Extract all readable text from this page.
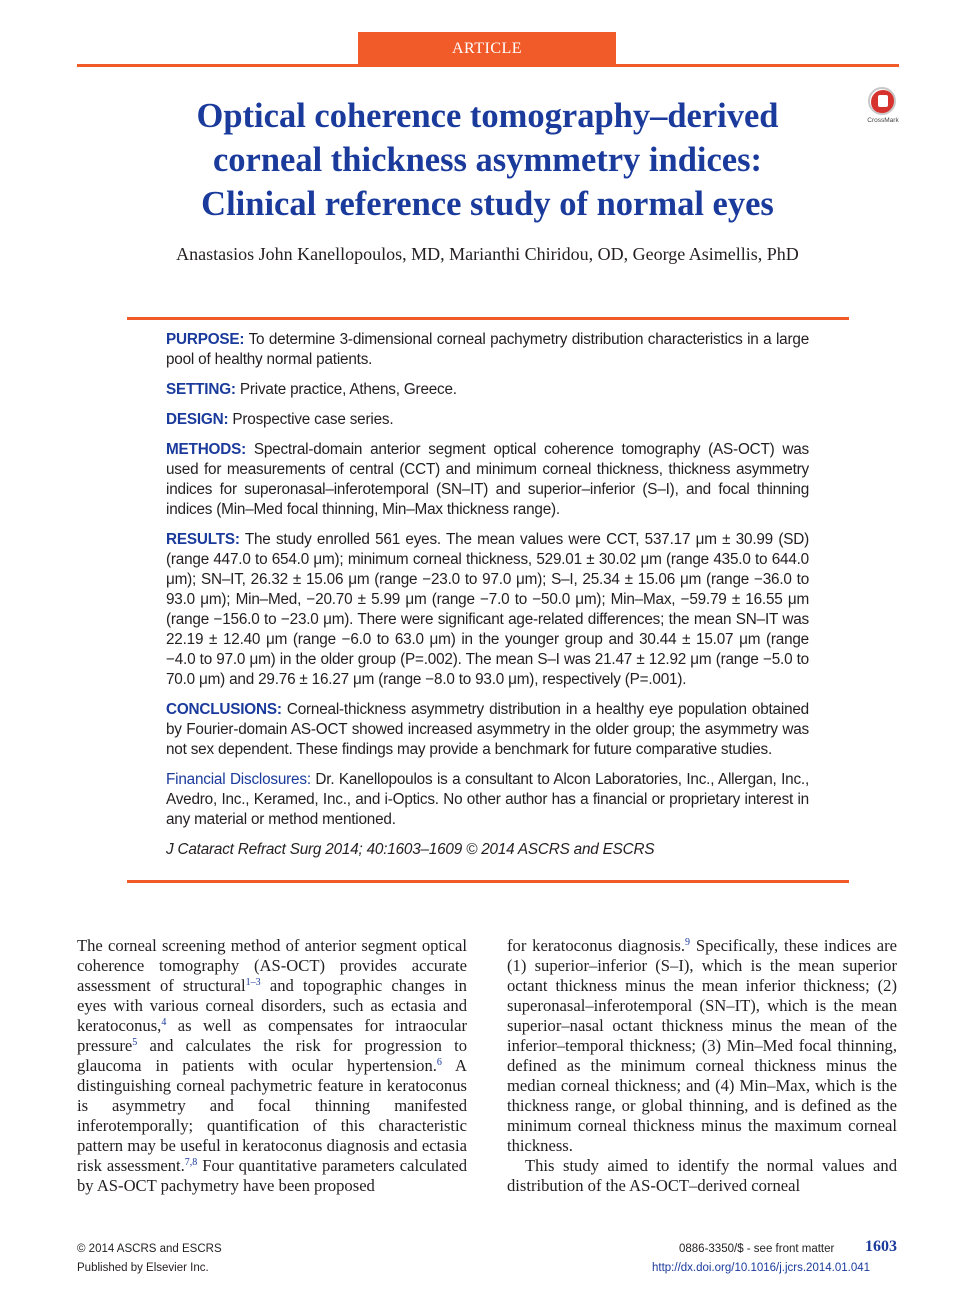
ARTICLE
Optical coherence tomography–derived
corneal thickness asymmetry indices:
Clinical reference study of normal eyes
CrossMark
Anastasios John Kanellopoulos, MD, Marianthi Chiridou, OD, George Asimellis, PhD

PURPOSE: To determine 3-dimensional corneal pachymetry distribution characteristics in a large pool of healthy normal patients.

SETTING: Private practice, Athens, Greece.

DESIGN: Prospective case series.

METHODS: Spectral-domain anterior segment optical coherence tomography (AS-OCT) was used for measurements of central (CCT) and minimum corneal thickness, thickness asymmetry indices for superonasal–inferotemporal (SN–IT) and superior–inferior (S–I), and focal thinning indices (Min–Med focal thinning, Min–Max thickness range).

RESULTS: The study enrolled 561 eyes. The mean values were CCT, 537.17 μm ± 30.99 (SD) (range 447.0 to 654.0 μm); minimum corneal thickness, 529.01 ± 30.02 μm (range 435.0 to 644.0 μm); SN–IT, 26.32 ± 15.06 μm (range −23.0 to 97.0 μm); S–I, 25.34 ± 15.06 μm (range −36.0 to 93.0 μm); Min–Med, −20.70 ± 5.99 μm (range −7.0 to −50.0 μm); Min–Max, −59.79 ± 16.55 μm (range −156.0 to −23.0 μm). There were significant age-related differences; the mean SN–IT was 22.19 ± 12.40 μm (range −6.0 to 63.0 μm) in the younger group and 30.44 ± 15.07 μm (range −4.0 to 97.0 μm) in the older group (P=.002). The mean S–I was 21.47 ± 12.92 μm (range −5.0 to 70.0 μm) and 29.76 ± 16.27 μm (range −8.0 to 93.0 μm), respectively (P=.001).

CONCLUSIONS: Corneal-thickness asymmetry distribution in a healthy eye population obtained by Fourier-domain AS-OCT showed increased asymmetry in the older group; the asymmetry was not sex dependent. These findings may provide a benchmark for future comparative studies.

Financial Disclosures: Dr. Kanellopoulos is a consultant to Alcon Laboratories, Inc., Allergan, Inc., Avedro, Inc., Keramed, Inc., and i-Optics. No other author has a financial or proprietary interest in any material or method mentioned.

J Cataract Refract Surg 2014; 40:1603–1609 © 2014 ASCRS and ESCRS

The corneal screening method of anterior segment optical coherence tomography (AS-OCT) provides accurate assessment of structural$^{1-3}$ and topographic changes in eyes with various corneal disorders, such as ectasia and keratoconus,$^4$ as well as compensates for intraocular pressure$^5$ and calculates the risk for progression to glaucoma in patients with ocular hypertension.$^6$ A distinguishing corneal pachymetric feature in keratoconus is asymmetry and focal thinning manifested inferotemporally; quantification of this characteristic pattern may be useful in keratoconus diagnosis and ectasia risk assessment.$^{7,8}$ Four quantitative parameters calculated by AS-OCT pachymetry have been proposed

for keratoconus diagnosis.$^9$ Specifically, these indices are (1) superior–inferior (S–I), which is the mean superior octant thickness minus the mean inferior thickness; (2) superonasal–inferotemporal (SN–IT), which is the mean superior–nasal octant thickness minus the mean of the inferior–temporal thickness; (3) Min–Med focal thinning, defined as the minimum corneal thickness minus the median corneal thickness; and (4) Min–Max, which is the thickness range, or global thinning, and is defined as the minimum corneal thickness minus the maximum corneal thickness.

This study aimed to identify the normal values and distribution of the AS-OCT–derived corneal

© 2014 ASCRS and ESCRS
Published by Elsevier Inc.
0886-3350/$ - see front matter 1603
http://dx.doi.org/10.1016/j.jcrs.2014.01.041
